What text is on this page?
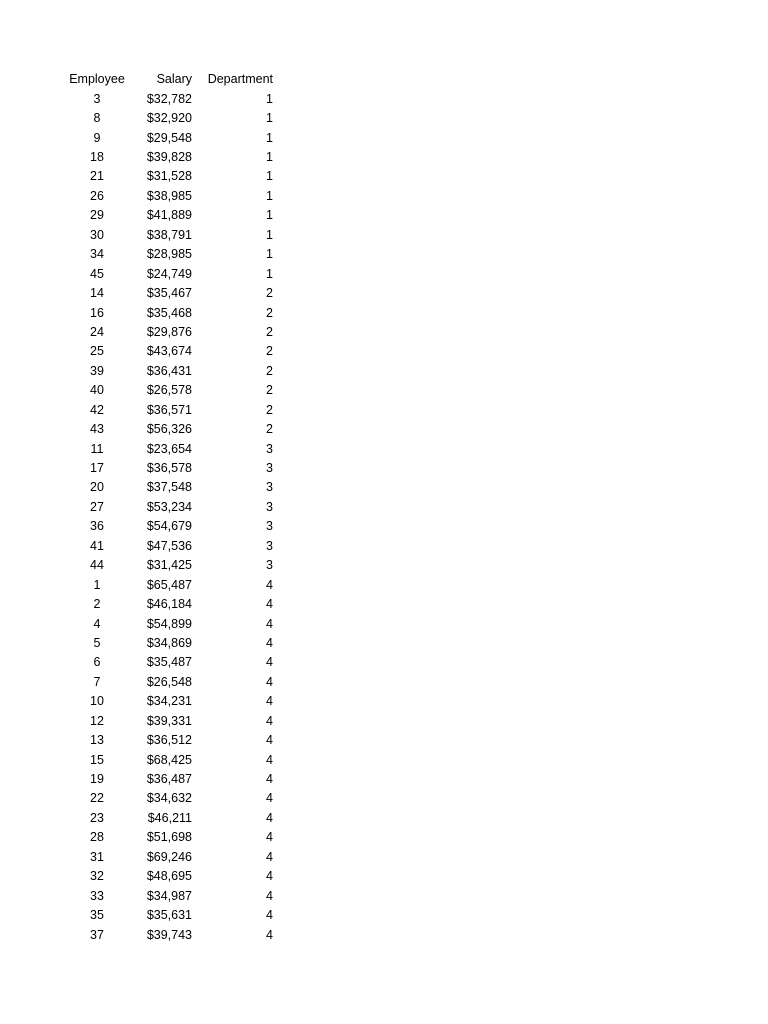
Employee	Salary	Department
3	$32,782	1
8	$32,920	1
9	$29,548	1
18	$39,828	1
21	$31,528	1
26	$38,985	1
29	$41,889	1
30	$38,791	1
34	$28,985	1
45	$24,749	1
14	$35,467	2
16	$35,468	2
24	$29,876	2
25	$43,674	2
39	$36,431	2
40	$26,578	2
42	$36,571	2
43	$56,326	2
11	$23,654	3
17	$36,578	3
20	$37,548	3
27	$53,234	3
36	$54,679	3
41	$47,536	3
44	$31,425	3
1	$65,487	4
2	$46,184	4
4	$54,899	4
5	$34,869	4
6	$35,487	4
7	$26,548	4
10	$34,231	4
12	$39,331	4
13	$36,512	4
15	$68,425	4
19	$36,487	4
22	$34,632	4
23	$46,211	4
28	$51,698	4
31	$69,246	4
32	$48,695	4
33	$34,987	4
35	$35,631	4
37	$39,743	4
